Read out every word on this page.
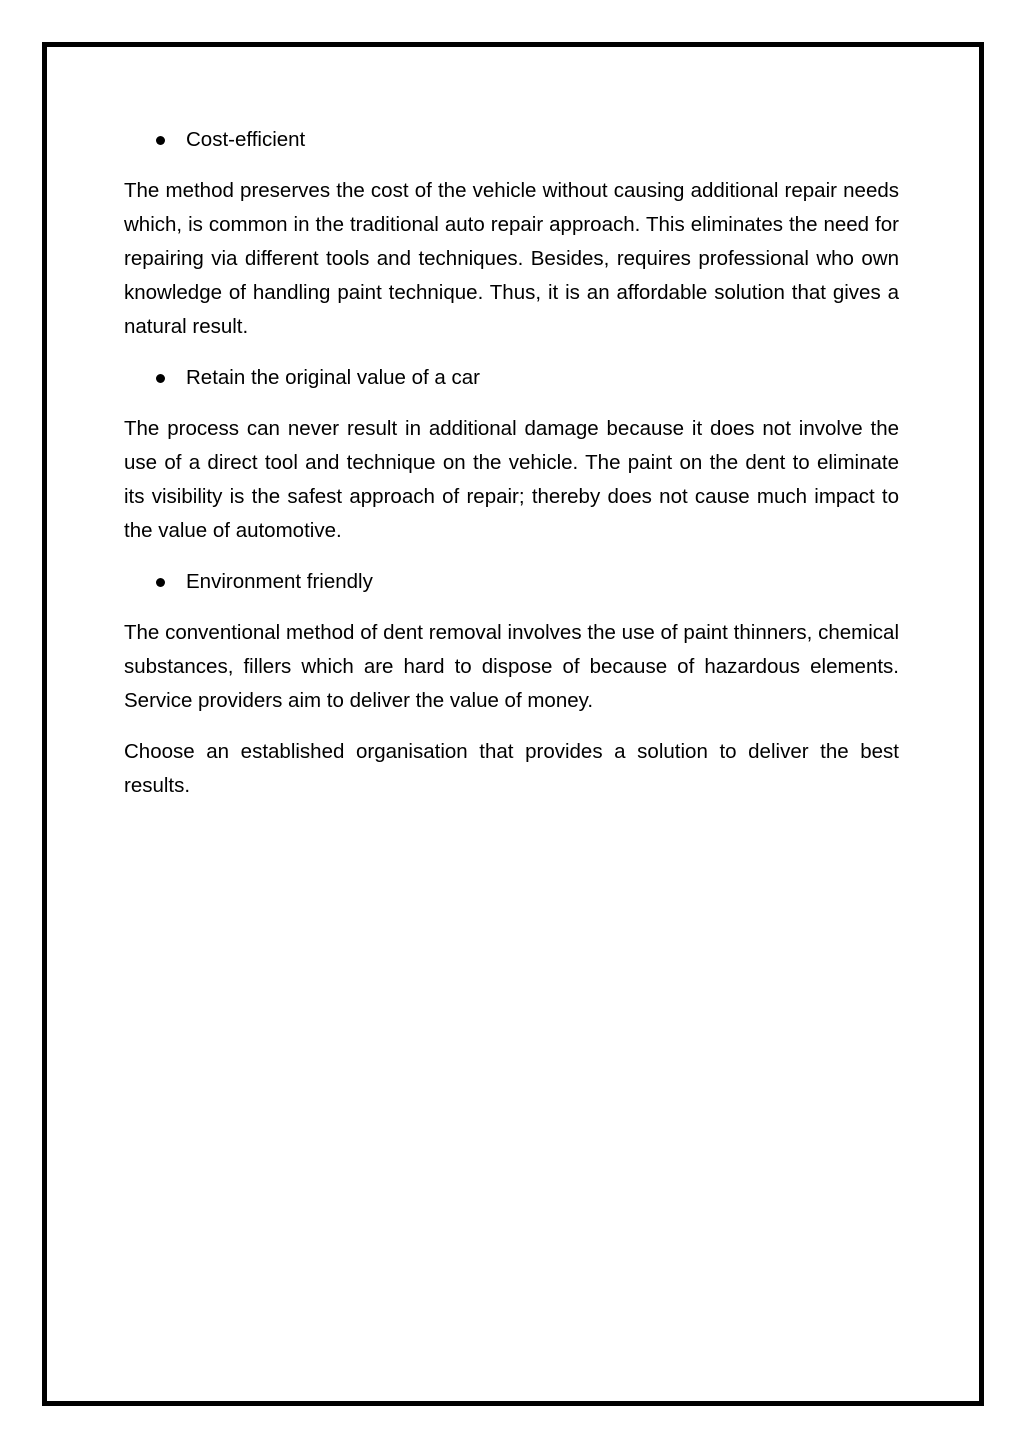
Cost-efficient

The method preserves the cost of the vehicle without causing additional repair needs which, is common in the traditional auto repair approach. This eliminates the need for repairing via different tools and techniques. Besides, requires professional who own knowledge of handling paint technique. Thus, it is an affordable solution that gives a natural result.

Retain the original value of a car

The process can never result in additional damage because it does not involve the use of a direct tool and technique on the vehicle. The paint on the dent to eliminate its visibility is the safest approach of repair; thereby does not cause much impact to the value of automotive.

Environment friendly

The conventional method of dent removal involves the use of paint thinners, chemical substances, fillers which are hard to dispose of because of hazardous elements. Service providers aim to deliver the value of money.

Choose an established organisation that provides a solution to deliver the best results.
